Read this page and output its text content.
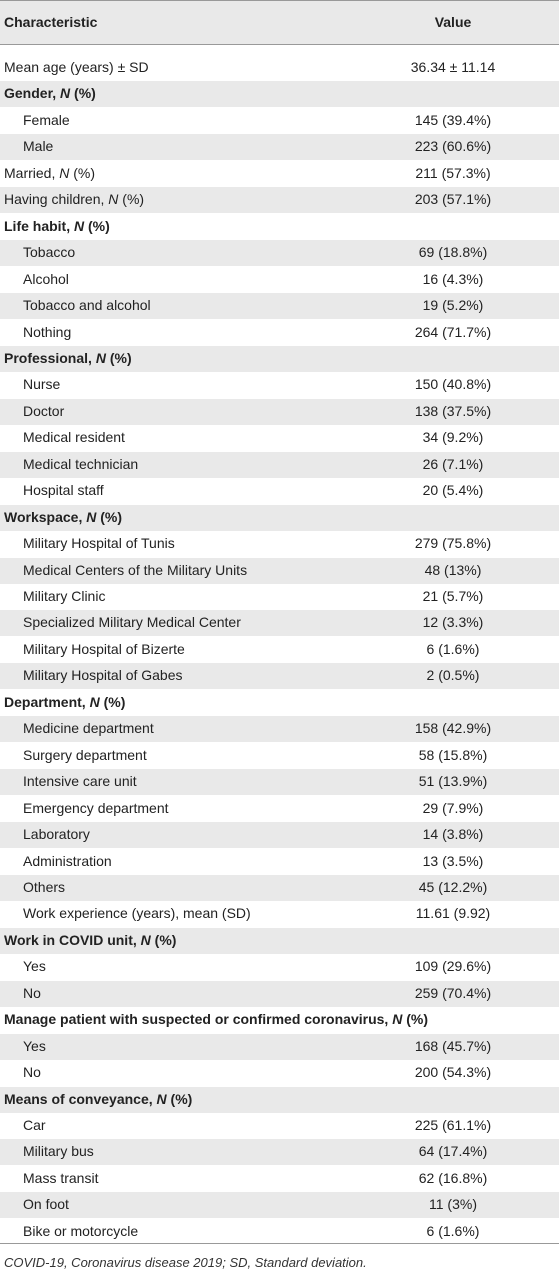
Characteristic	Value
Mean age (years) ± SD	36.34 ± 11.14
Gender, N (%)
Female	145 (39.4%)
Male	223 (60.6%)
Married, N (%)	211 (57.3%)
Having children, N (%)	203 (57.1%)
Life habit, N (%)
Tobacco	69 (18.8%)
Alcohol	16 (4.3%)
Tobacco and alcohol	19 (5.2%)
Nothing	264 (71.7%)
Professional, N (%)
Nurse	150 (40.8%)
Doctor	138 (37.5%)
Medical resident	34 (9.2%)
Medical technician	26 (7.1%)
Hospital staff	20 (5.4%)
Workspace, N (%)
Military Hospital of Tunis	279 (75.8%)
Medical Centers of the Military Units	48 (13%)
Military Clinic	21 (5.7%)
Specialized Military Medical Center	12 (3.3%)
Military Hospital of Bizerte	6 (1.6%)
Military Hospital of Gabes	2 (0.5%)
Department, N (%)
Medicine department	158 (42.9%)
Surgery department	58 (15.8%)
Intensive care unit	51 (13.9%)
Emergency department	29 (7.9%)
Laboratory	14 (3.8%)
Administration	13 (3.5%)
Others	45 (12.2%)
Work experience (years), mean (SD)	11.61 (9.92)
Work in COVID unit, N (%)
Yes	109 (29.6%)
No	259 (70.4%)
Manage patient with suspected or confirmed coronavirus, N (%)
Yes	168 (45.7%)
No	200 (54.3%)
Means of conveyance, N (%)
Car	225 (61.1%)
Military bus	64 (17.4%)
Mass transit	62 (16.8%)
On foot	11 (3%)
Bike or motorcycle	6 (1.6%)
COVID-19, Coronavirus disease 2019; SD, Standard deviation.
